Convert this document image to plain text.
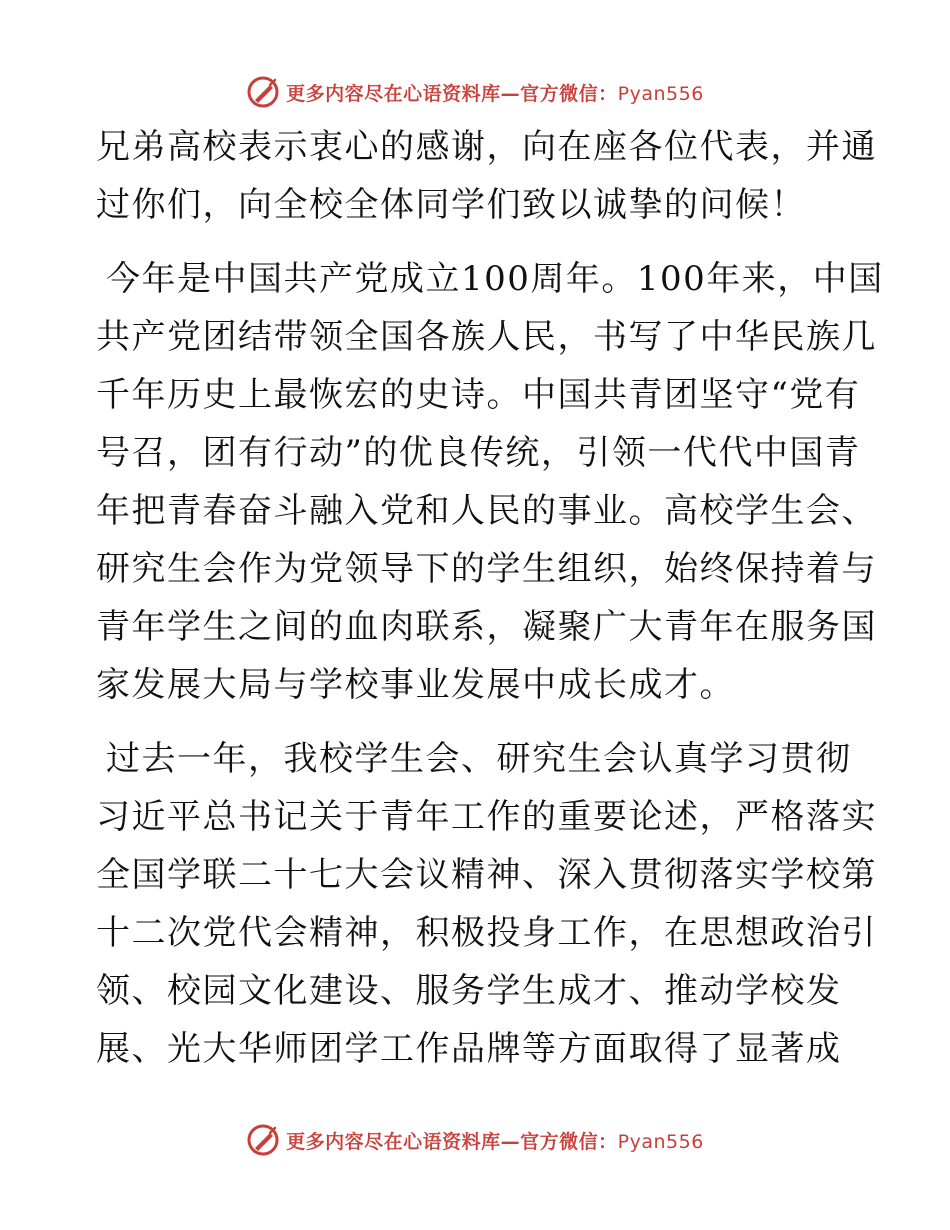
更多内容尽在心语资料库—官方微信：Pyan556
兄弟高校表示衷心的感谢，向在座各位代表，并通
过你们，向全校全体同学们致以诚挚的问候！
今年是中国共产党成立100周年。100年来，中国
共产党团结带领全国各族人民，书写了中华民族几
千年历史上最恢宏的史诗。中国共青团坚守“党有
号召，团有行动”的优良传统，引领一代代中国青
年把青春奋斗融入党和人民的事业。高校学生会、
研究生会作为党领导下的学生组织，始终保持着与
青年学生之间的血肉联系，凝聚广大青年在服务国
家发展大局与学校事业发展中成长成才。
过去一年，我校学生会、研究生会认真学习贯彻
习近平总书记关于青年工作的重要论述，严格落实
全国学联二十七大会议精神、深入贯彻落实学校第
十二次党代会精神，积极投身工作，在思想政治引
领、校园文化建设、服务学生成才、推动学校发
展、光大华师团学工作品牌等方面取得了显著成
更多内容尽在心语资料库—官方微信：Pyan556
